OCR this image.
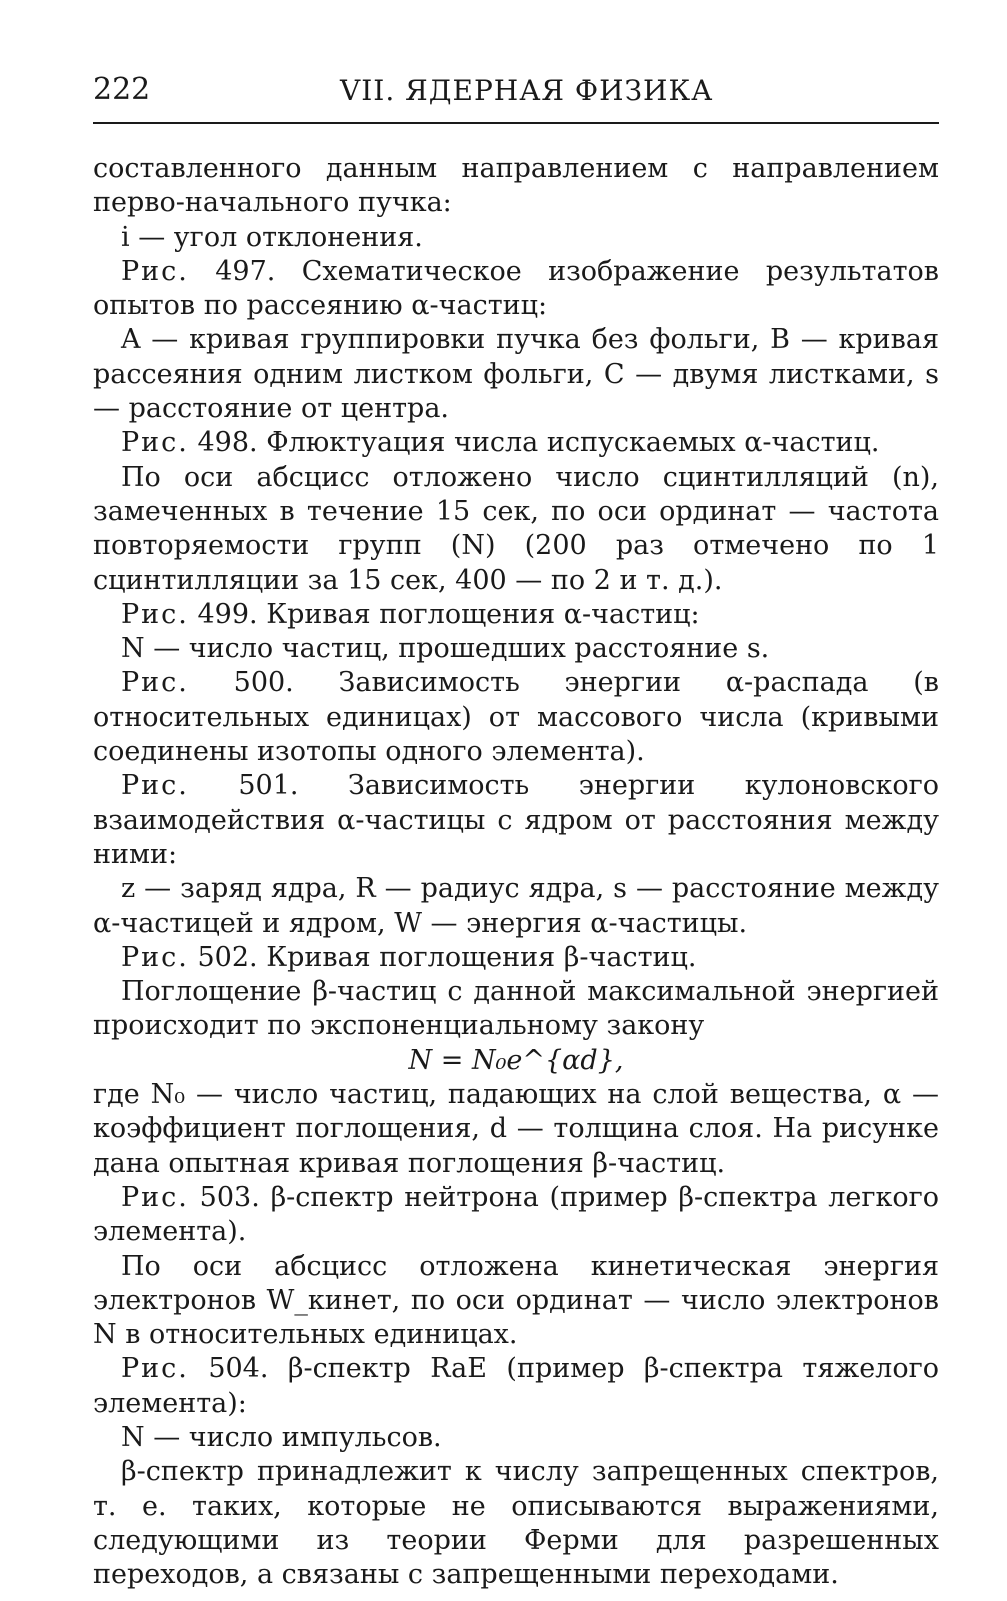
222	VII. ЯДЕРНАЯ ФИЗИКА

составленного данным направлением с направлением перво-начального пучка:

i — угол отклонения.

Рис. 497. Схематическое изображение результатов опытов по рассеянию α-частиц:

A — кривая группировки пучка без фольги, B — кривая рассеяния одним листком фольги, C — двумя листками, s — расстояние от центра.

Рис. 498. Флюктуация числа испускаемых α-частиц.

По оси абсцисс отложено число сцинтилляций (n), замеченных в течение 15 сек, по оси ординат — частота повторяемости групп (N) (200 раз отмечено по 1 сцинтилляции за 15 сек, 400 — по 2 и т. д.).

Рис. 499. Кривая поглощения α-частиц:

N — число частиц, прошедших расстояние s.

Рис. 500. Зависимость энергии α-распада (в относительных единицах) от массового числа (кривыми соединены изотопы одного элемента).

Рис. 501. Зависимость энергии кулоновского взаимодействия α-частицы с ядром от расстояния между ними:

z — заряд ядра, R — радиус ядра, s — расстояние между α-частицей и ядром, W — энергия α-частицы.

Рис. 502. Кривая поглощения β-частиц.

Поглощение β-частиц с данной максимальной энергией происходит по экспоненциальному закону

N = N₀e^{αd},

где N₀ — число частиц, падающих на слой вещества, α — коэффициент поглощения, d — толщина слоя. На рисунке дана опытная кривая поглощения β-частиц.

Рис. 503. β-спектр нейтрона (пример β-спектра легкого элемента).

По оси абсцисс отложена кинетическая энергия электронов W_кинет, по оси ординат — число электронов N в относительных единицах.

Рис. 504. β-спектр RaE (пример β-спектра тяжелого элемента):

N — число импульсов.

β-спектр принадлежит к числу запрещенных спектров, т. е. таких, которые не описываются выражениями, следующими из теории Ферми для разрешенных переходов, а связаны с запрещенными переходами.
